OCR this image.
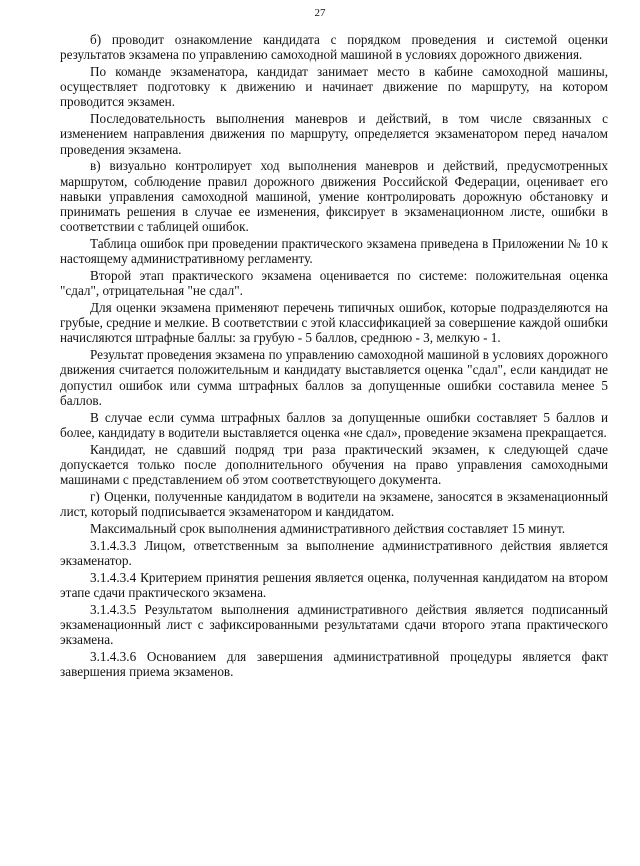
27

б) проводит ознакомление кандидата с порядком проведения и системой оценки результатов экзамена по управлению самоходной машиной в условиях дорожного движения.

По команде экзаменатора, кандидат занимает место в кабине самоходной машины, осуществляет подготовку к движению и начинает движение по маршруту, на котором проводится экзамен.

Последовательность выполнения маневров и действий, в том числе связанных с изменением направления движения по маршруту, определяется экзаменатором перед началом проведения экзамена.

в) визуально контролирует ход выполнения маневров и действий, предусмотренных маршрутом, соблюдение правил дорожного движения Российской Федерации, оценивает его навыки управления самоходной машиной, умение контролировать дорожную обстановку и принимать решения в случае ее изменения, фиксирует в экзаменационном листе, ошибки в соответствии с таблицей ошибок.

Таблица ошибок при проведении практического экзамена приведена в Приложении № 10 к настоящему административному регламенту.

Второй этап практического экзамена оценивается по системе: положительная оценка "сдал", отрицательная "не сдал".

Для оценки экзамена применяют перечень типичных ошибок, которые подразделяются на грубые, средние и мелкие. В соответствии с этой классификацией за совершение каждой ошибки начисляются штрафные баллы: за грубую - 5 баллов, среднюю - 3, мелкую - 1.

Результат проведения экзамена по управлению самоходной машиной в условиях дорожного движения считается положительным и кандидату выставляется оценка "сдал", если кандидат не допустил ошибок или сумма штрафных баллов за допущенные ошибки составила менее 5 баллов.

В случае если сумма штрафных баллов за допущенные ошибки составляет 5 баллов и более, кандидату в водители выставляется оценка «не сдал», проведение экзамена прекращается.

Кандидат, не сдавший подряд три раза практический экзамен, к следующей сдаче допускается только после дополнительного обучения на право управления самоходными машинами с представлением об этом соответствующего документа.

г) Оценки, полученные кандидатом в водители на экзамене, заносятся в экзаменационный лист, который подписывается экзаменатором и кандидатом.

Максимальный срок выполнения административного действия составляет 15 минут.

3.1.4.3.3 Лицом, ответственным за выполнение административного действия является экзаменатор.

3.1.4.3.4 Критерием принятия решения является оценка, полученная кандидатом на втором этапе сдачи практического экзамена.

3.1.4.3.5 Результатом выполнения административного действия является подписанный экзаменационный лист с зафиксированными результатами сдачи второго этапа практического экзамена.

3.1.4.3.6 Основанием для завершения административной процедуры является факт завершения приема экзаменов.
